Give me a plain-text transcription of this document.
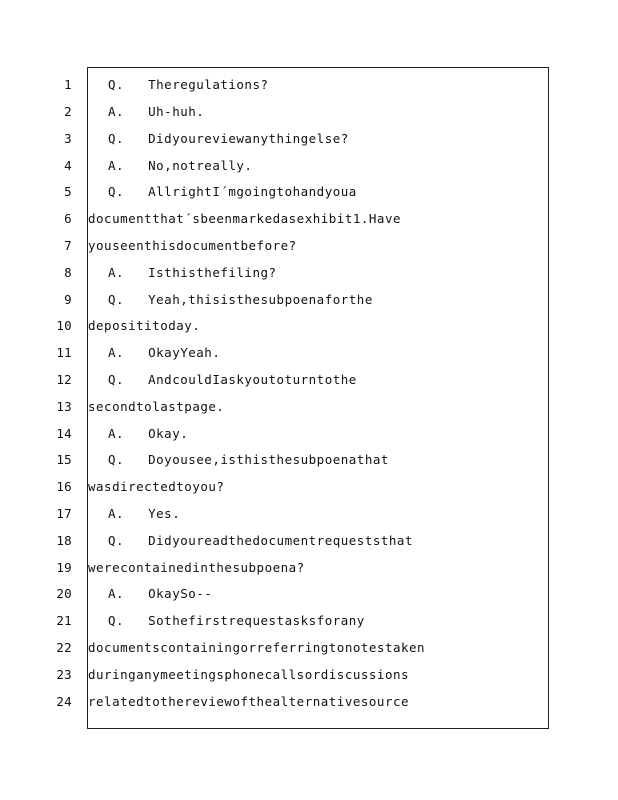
1
2
3
4
5
6
7
8
9
10
11
12
13
14
15
16
17
18
19
20
21
22
23
24
Q.   Theregulations?
A.   Uh-huh.
Q.   Didyoureviewanythingelse?
A.   No,notreally.
Q.   AllrightI´mgoingtohandyoua
documentthat´sbeenmarkedasexhibit1.Have
youseenthisdocumentbefore?
A.   Isthisthefiling?
Q.   Yeah,thisisthesubpoenaforthe
deposititoday.
A.   OkayYeah.
Q.   AndcouldIaskyoutoturntothe
secondtolastpage.
A.   Okay.
Q.   Doyousee,isthisthesubpoenathat
wasdirectedtoyou?
A.   Yes.
Q.   Didyoureadthedocumentrequeststhat
werecontainedinthesubpoena?
A.   OkaySo--
Q.   Sothefirstrequestasksforany
documentscontainingorreferringtonotestaken
duringanymeetingsphonecallsordiscussions
relatedtothereviewofthealternativesource
